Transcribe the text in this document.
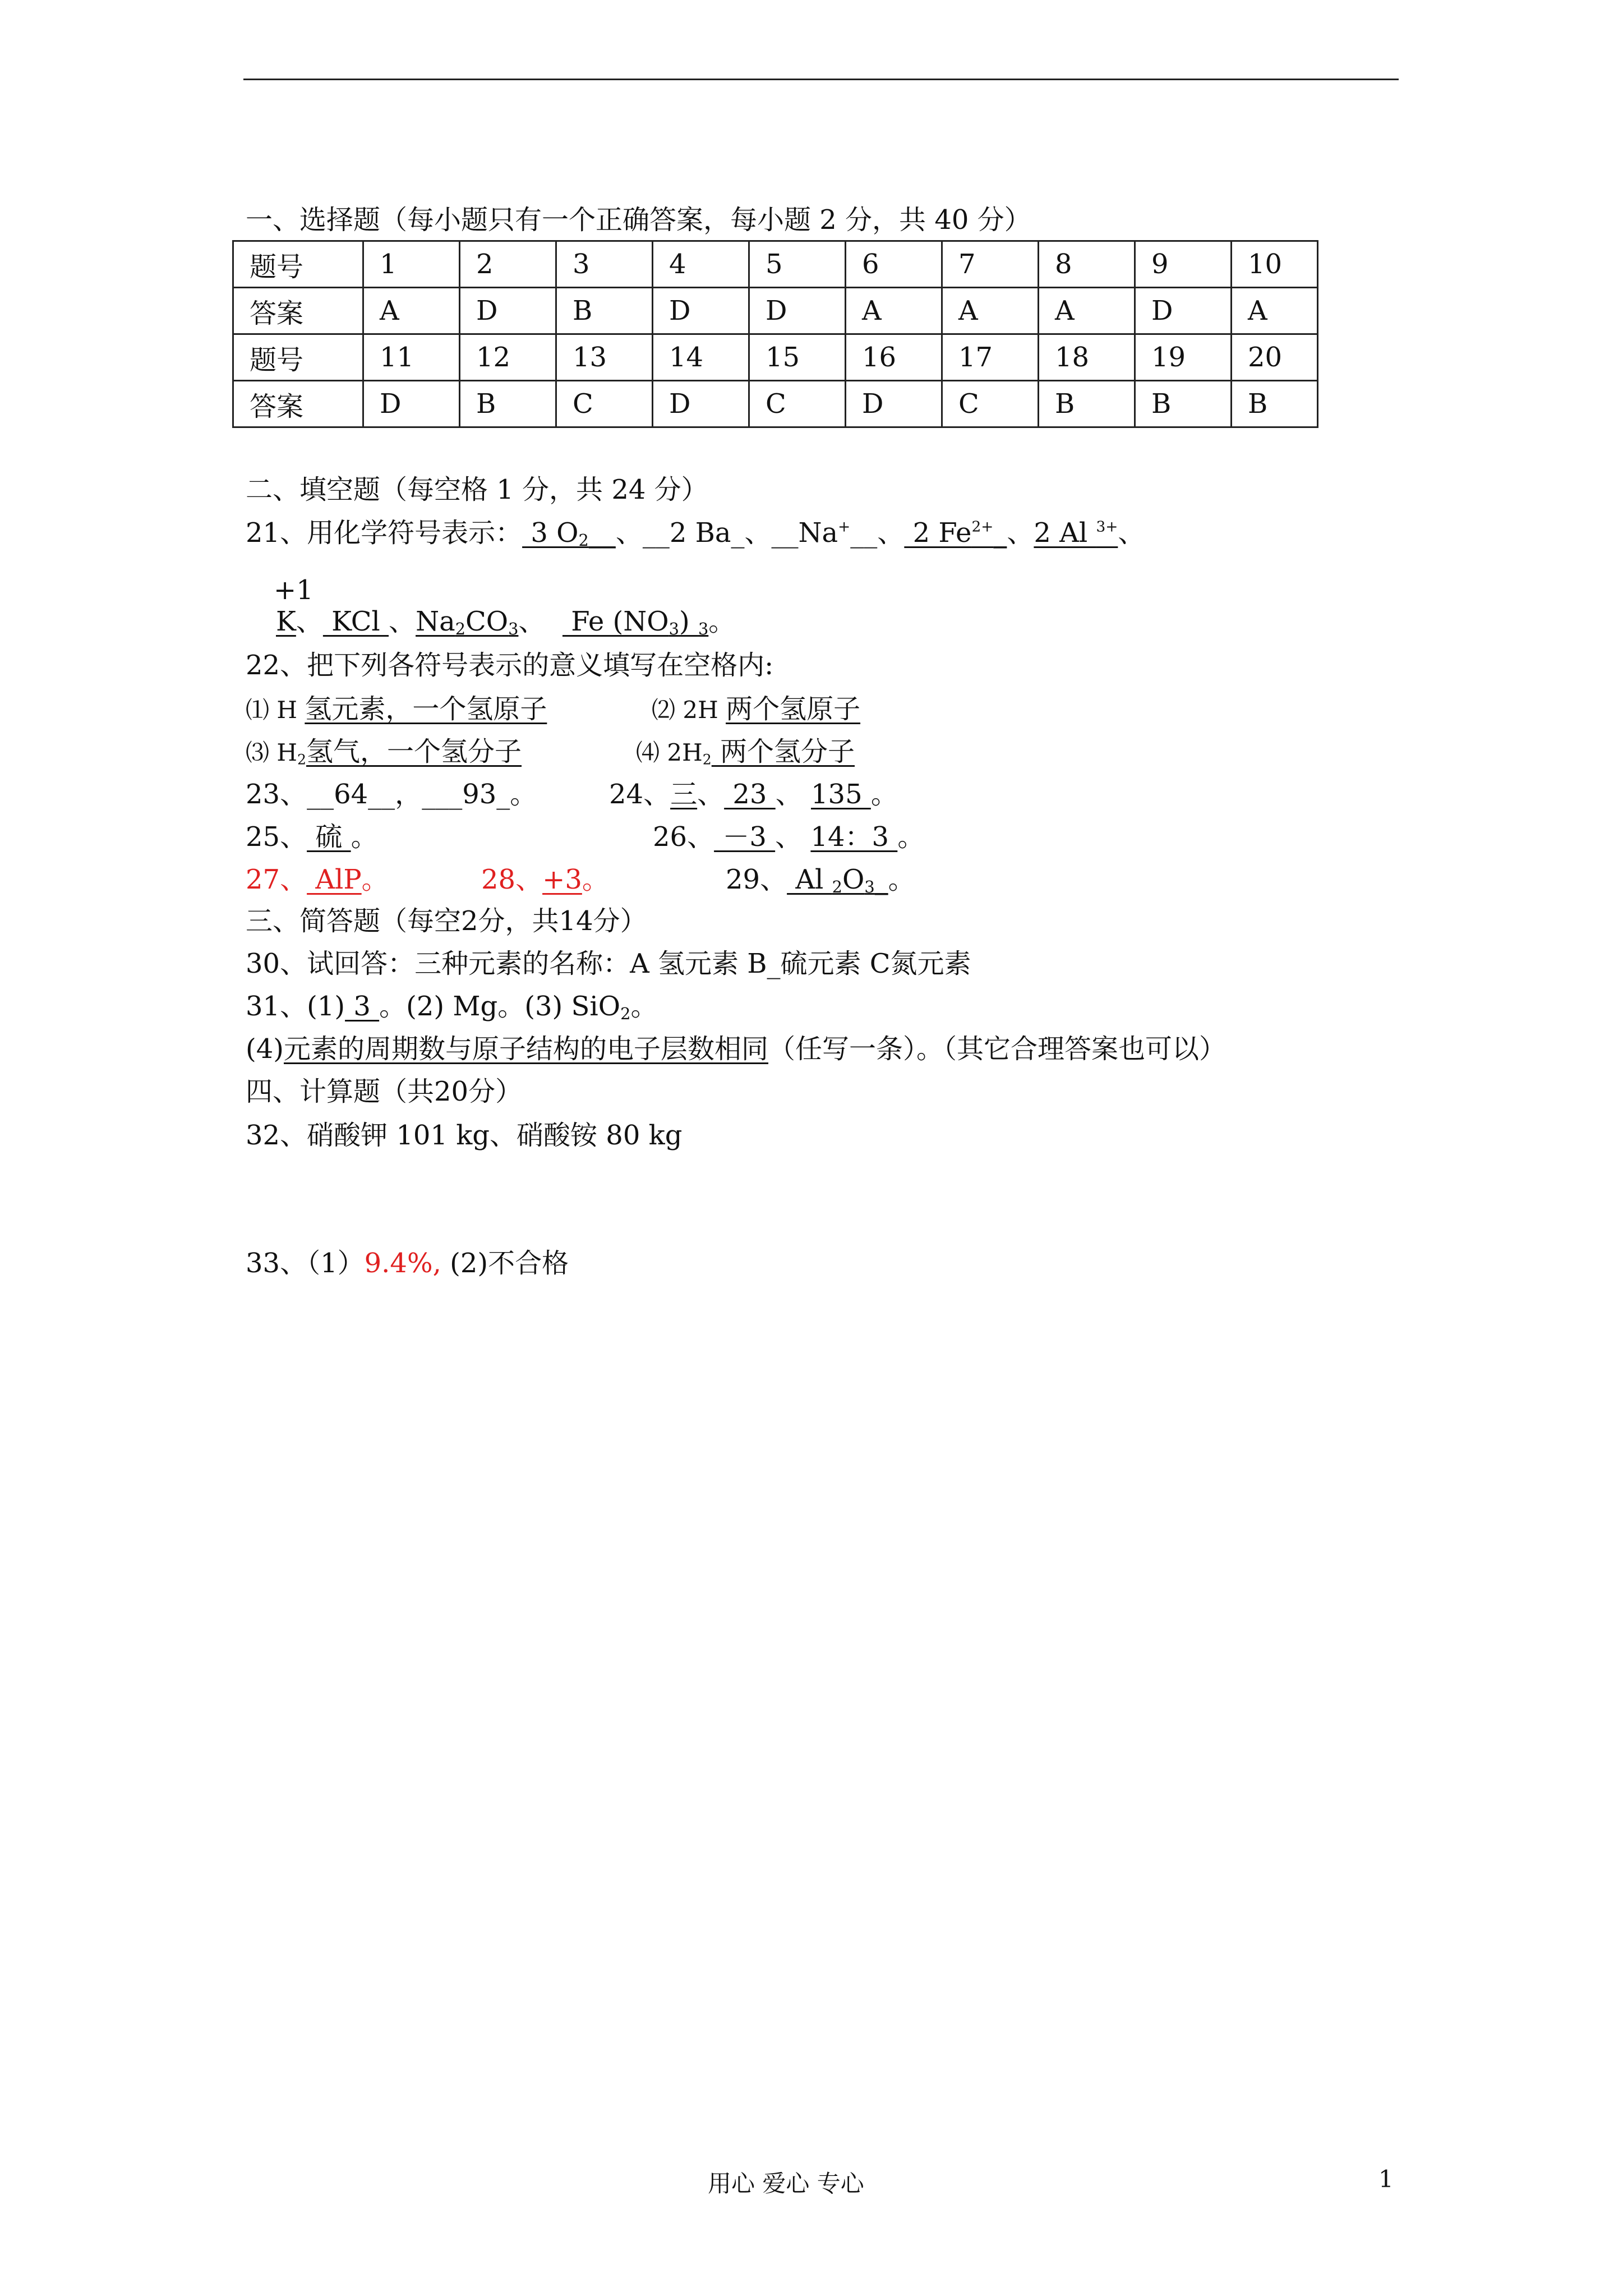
一、选择题（每小题只有一个正确答案，每小题 2 分，共 40 分）
题号	1	2	3	4	5	6	7	8	9	10
答案	A	D	B	D	D	A	A	A	D	A
题号	11	12	13	14	15	16	17	18	19	20
答案	D	B	C	D	C	D	C	B	B	B
二、填空题（每空格 1 分，共 24 分）
21、用化学符号表示： 3 $O_2\_\_$、__2 Ba_、__Na+__、 2 $Fe^{2+}\_$、2 Al $^{3+}$、
+1
K、 KCl 、$Na_2CO_3$、   Fe $(NO_3)$ $_3$。
22、把下列各符号表示的意义填写在空格内:
⑴ H 氢元素，一个氢原子	⑵ 2H 两个氢原子
⑶ $H_2$氢气，一个氢分子	⑷ $2H_2$ 两个氢分子
23、__64__，___93_。	24、三、 23 、 135 。
25、 硫 。	26、 －3 、 14：3 。
27、 AlP。	28、+3。	29、 Al $_2O_3\_$。
三、简答题（每空2分，共14分）
30、试回答：三种元素的名称：A 氢元素 B_硫元素 C氮元素
31、(1) 3 。(2) Mg。(3) SiO$_2$。
(4)元素的周期数与原子结构的电子层数相同（任写一条）。（其它合理答案也可以）
四、计算题（共20分）
32、硝酸钾 101 kg、硝酸铵 80 kg
33、（1）9.4%, (2)不合格
用心 爱心 专心	1
